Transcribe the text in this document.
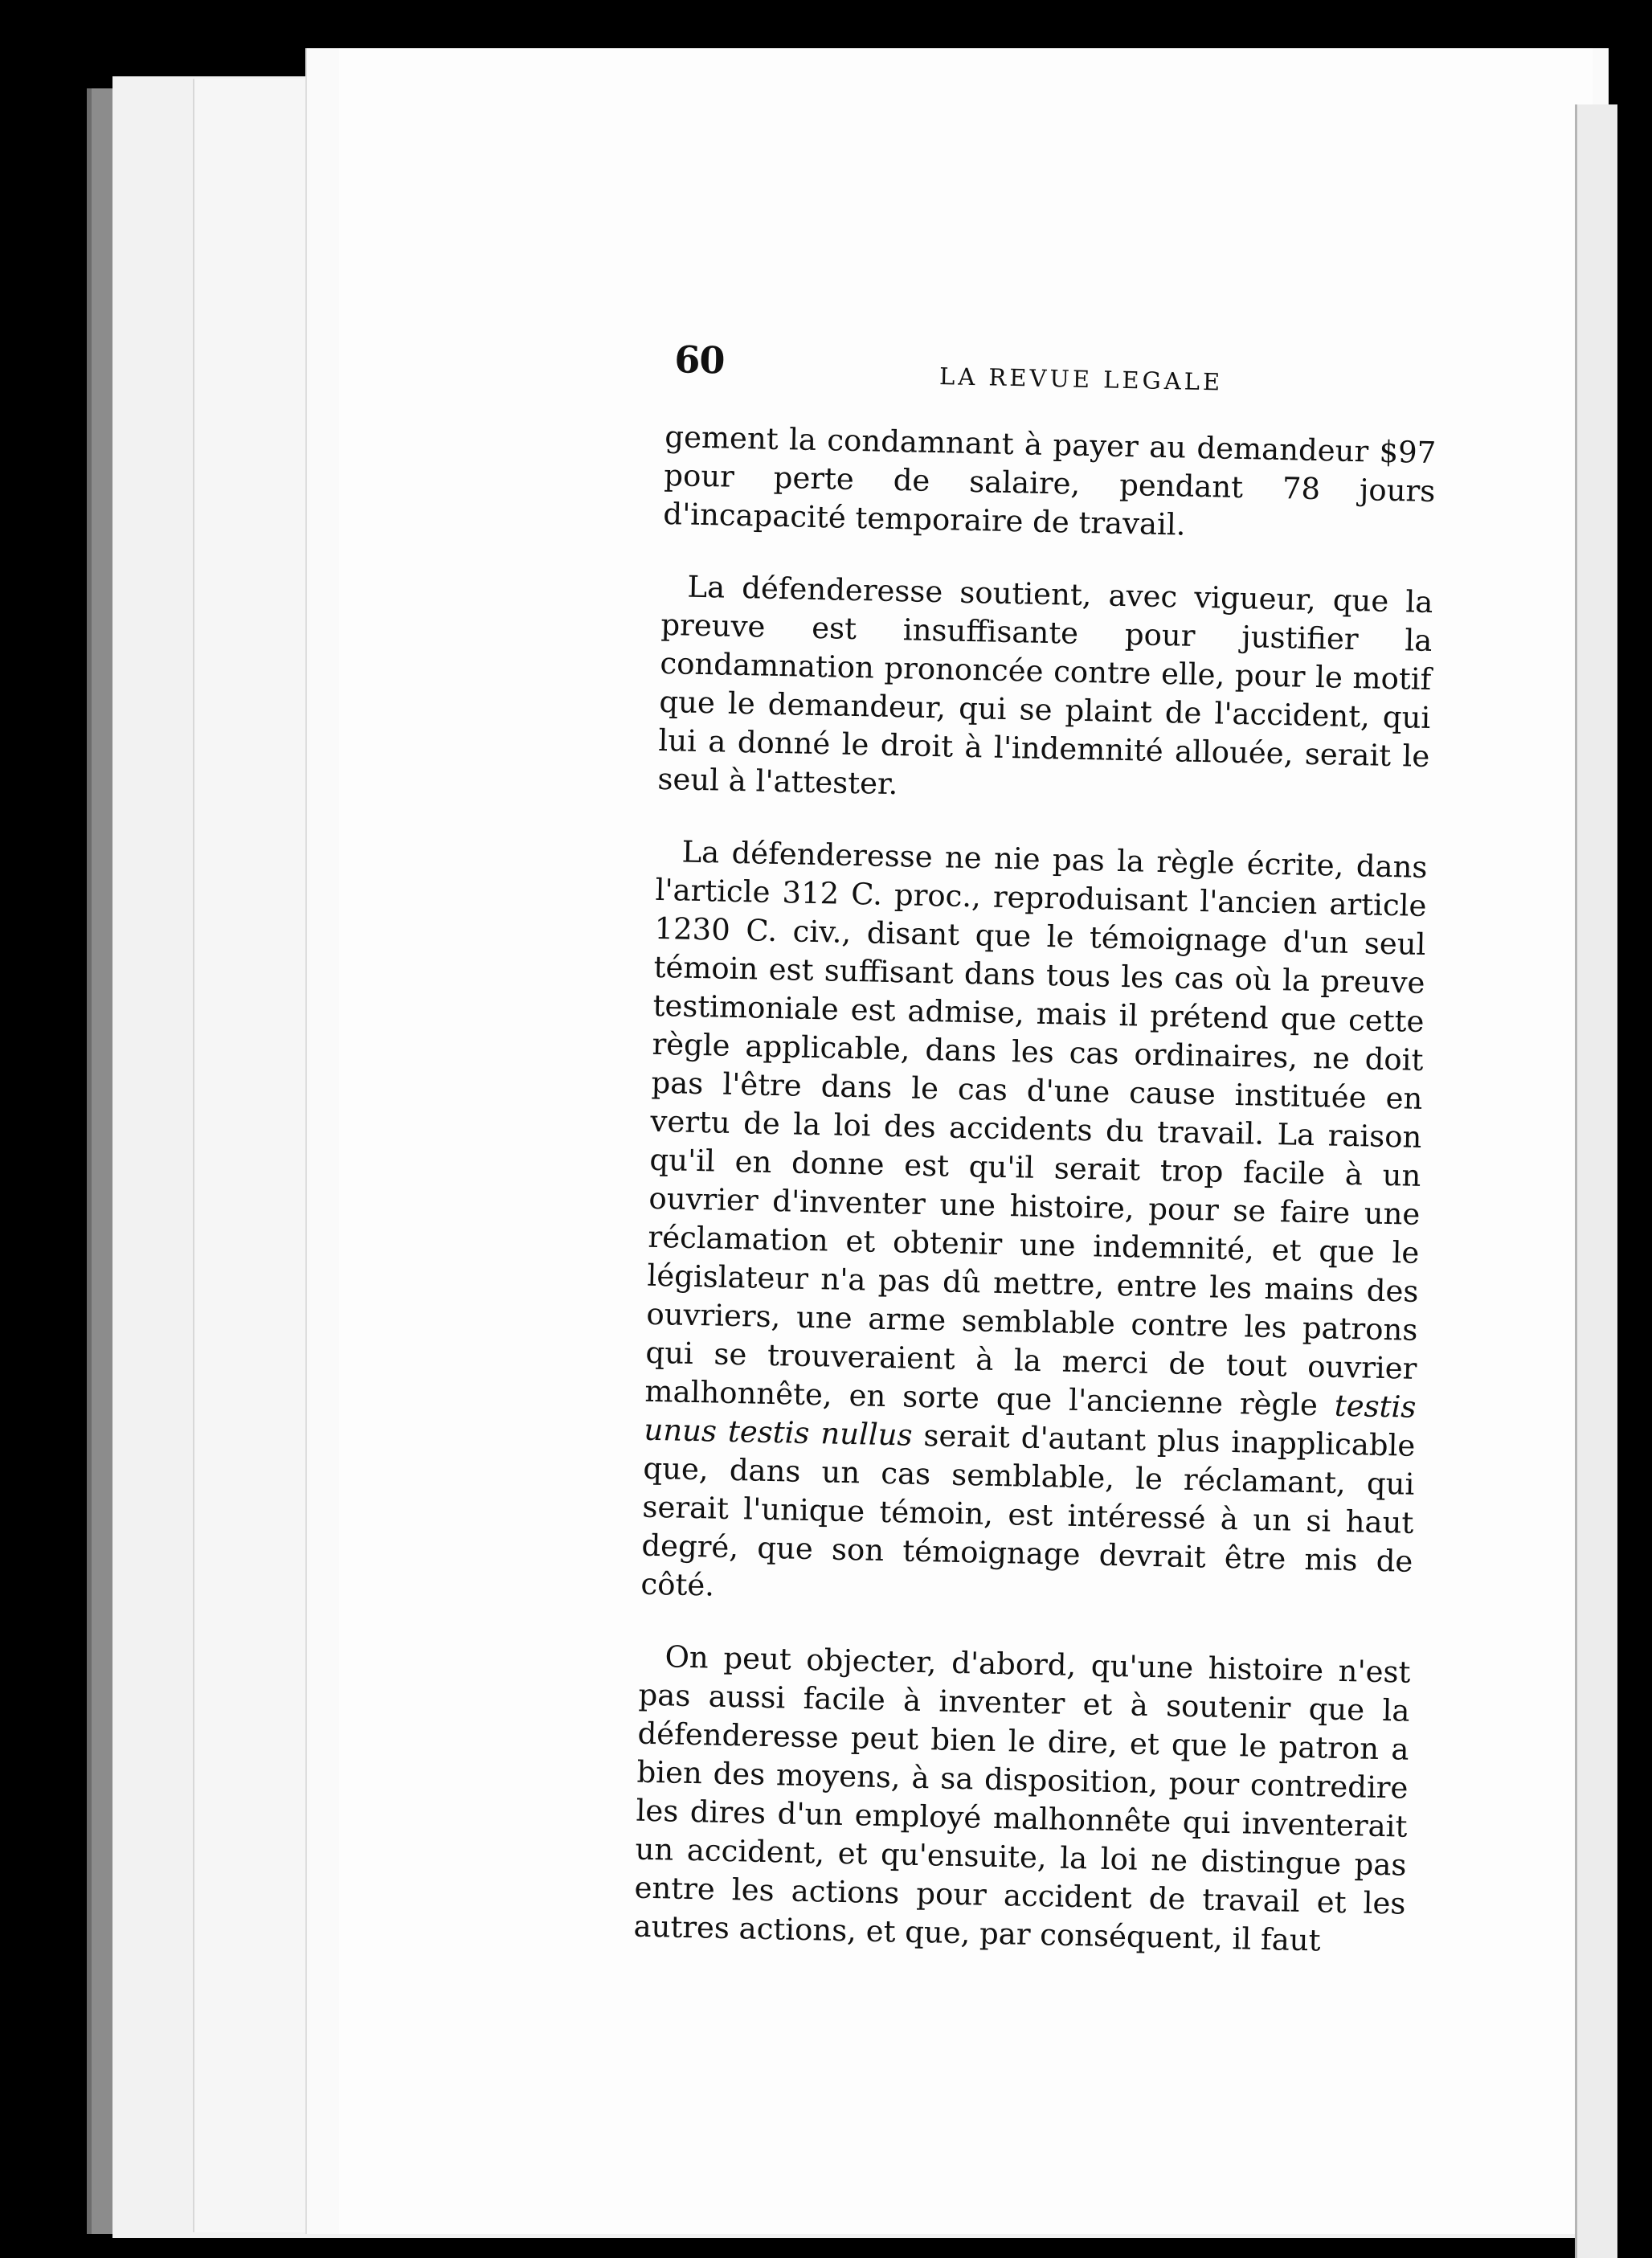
60	LA REVUE LEGALE

gement la condamnant à payer au demandeur $97 pour perte de salaire, pendant 78 jours d'incapacité temporaire de travail.

La défenderesse soutient, avec vigueur, que la preuve est insuffisante pour justifier la condamnation prononcée contre elle, pour le motif que le demandeur, qui se plaint de l'accident, qui lui a donné le droit à l'indemnité allouée, serait le seul à l'attester.

La défenderesse ne nie pas la règle écrite, dans l'article 312 C. proc., reproduisant l'ancien article 1230 C. civ., disant que le témoignage d'un seul témoin est suffisant dans tous les cas où la preuve testimoniale est admise, mais il prétend que cette règle applicable, dans les cas ordinaires, ne doit pas l'être dans le cas d'une cause instituée en vertu de la loi des accidents du travail. La raison qu'il en donne est qu'il serait trop facile à un ouvrier d'inventer une histoire, pour se faire une réclamation et obtenir une indemnité, et que le législateur n'a pas dû mettre, entre les mains des ouvriers, une arme semblable contre les patrons qui se trouveraient à la merci de tout ouvrier malhonnête, en sorte que l'ancienne règle testis unus testis nullus serait d'autant plus inapplicable que, dans un cas semblable, le réclamant, qui serait l'unique témoin, est intéressé à un si haut degré, que son témoignage devrait être mis de côté.

On peut objecter, d'abord, qu'une histoire n'est pas aussi facile à inventer et à soutenir que la défenderesse peut bien le dire, et que le patron a bien des moyens, à sa disposition, pour contredire les dires d'un employé malhonnête qui inventerait un accident, et qu'ensuite, la loi ne distingue pas entre les actions pour accident de travail et les autres actions, et que, par conséquent, il faut
